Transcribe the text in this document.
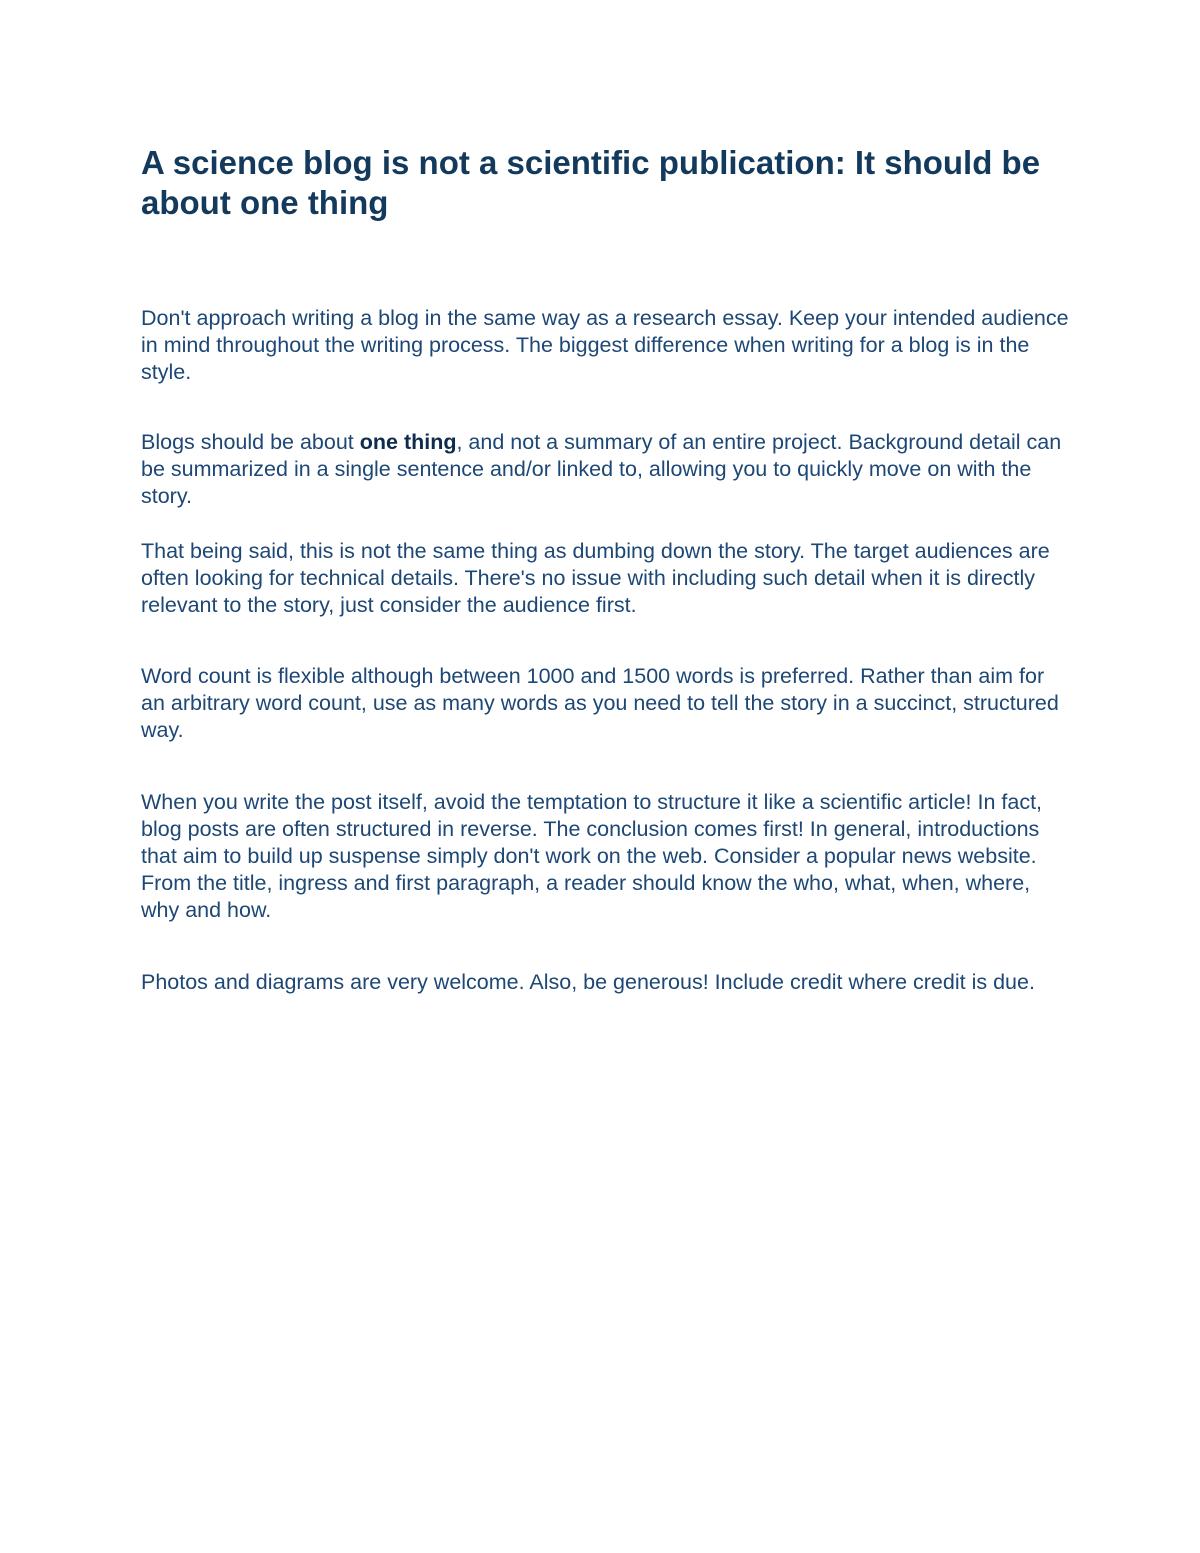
A science blog is not a scientific publication: It should be about one thing

Don't approach writing a blog in the same way as a research essay. Keep your intended audience in mind throughout the writing process. The biggest difference when writing for a blog is in the style.

Blogs should be about one thing, and not a summary of an entire project. Background detail can be summarized in a single sentence and/or linked to, allowing you to quickly move on with the story.

That being said, this is not the same thing as dumbing down the story. The target audiences are often looking for technical details. There's no issue with including such detail when it is directly relevant to the story, just consider the audience first.

Word count is flexible although between 1000 and 1500 words is preferred. Rather than aim for an arbitrary word count, use as many words as you need to tell the story in a succinct, structured way.

When you write the post itself, avoid the temptation to structure it like a scientific article! In fact, blog posts are often structured in reverse. The conclusion comes first! In general, introductions that aim to build up suspense simply don't work on the web. Consider a popular news website. From the title, ingress and first paragraph, a reader should know the who, what, when, where, why and how.

Photos and diagrams are very welcome. Also, be generous! Include credit where credit is due.
